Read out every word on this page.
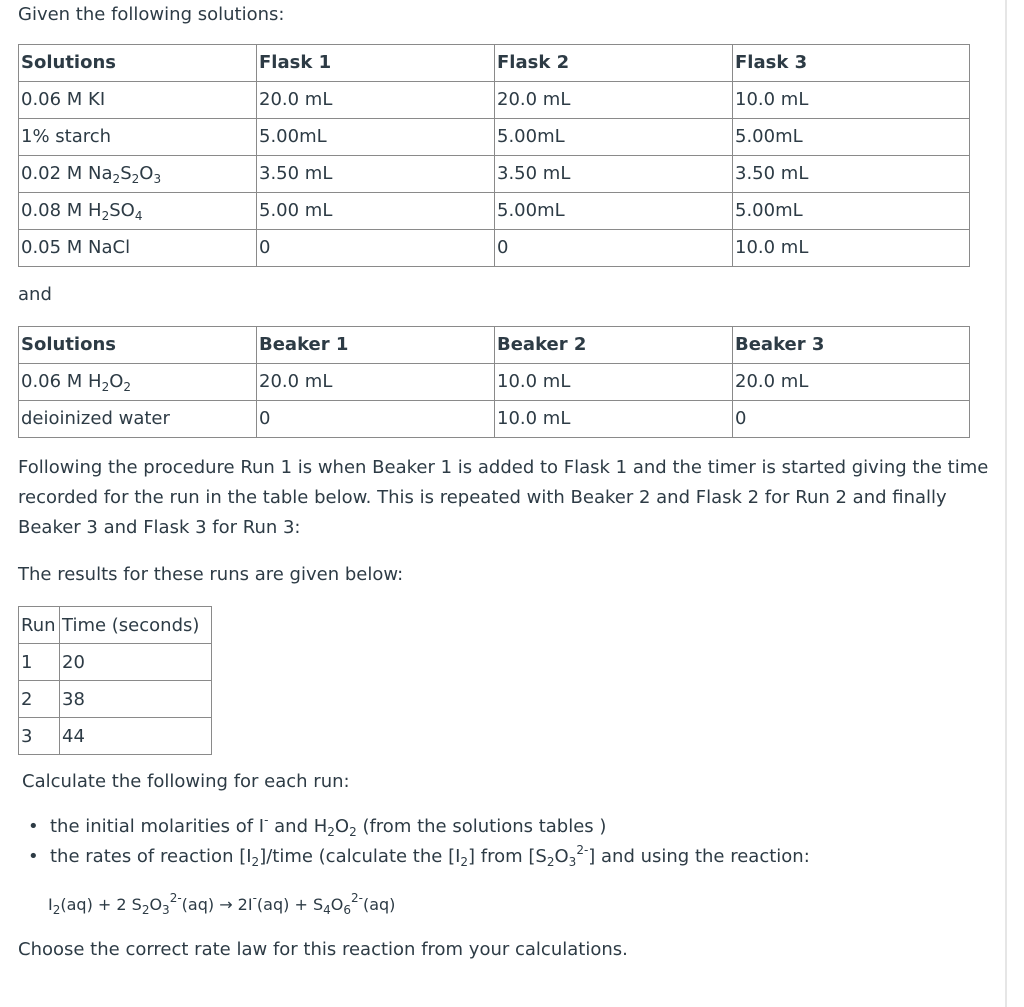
Given the following solutions:

Solutions	Flask 1	Flask 2	Flask 3
0.06 M KI	20.0 mL	20.0 mL	10.0 mL
1% starch	5.00mL	5.00mL	5.00mL
0.02 M $Na_2S_2O_3$	3.50 mL	3.50 mL	3.50 mL
0.08 M $H_2SO_4$	5.00 mL	5.00mL	5.00mL
0.05 M NaCl	0	0	10.0 mL

and

Solutions	Beaker 1	Beaker 2	Beaker 3
0.06 M $H_2O_2$	20.0 mL	10.0 mL	20.0 mL
deioinized water	0	10.0 mL	0

Following the procedure Run 1 is when Beaker 1 is added to Flask 1 and the timer is started giving the time

recorded for the run in the table below. This is repeated with Beaker 2 and Flask 2 for Run 2 and finally

Beaker 3 and Flask 3 for Run 3:

The results for these runs are given below:

Run	Time (seconds)
1	20
2	38
3	44

Calculate the following for each run:

• the initial molarities of I- and $H_2O_2$ (from the solutions tables )
• the rates of reaction $[I_2]$/time (calculate the $[I_2]$ from $[S_2O_3^{2-}]$ and using the reaction:
$I_2(aq) + 2$ $S_2O_3^{2-}(aq) \to 2I^-(aq) + S_4O_6^{2-}(aq)$

Choose the correct rate law for this reaction from your calculations.
